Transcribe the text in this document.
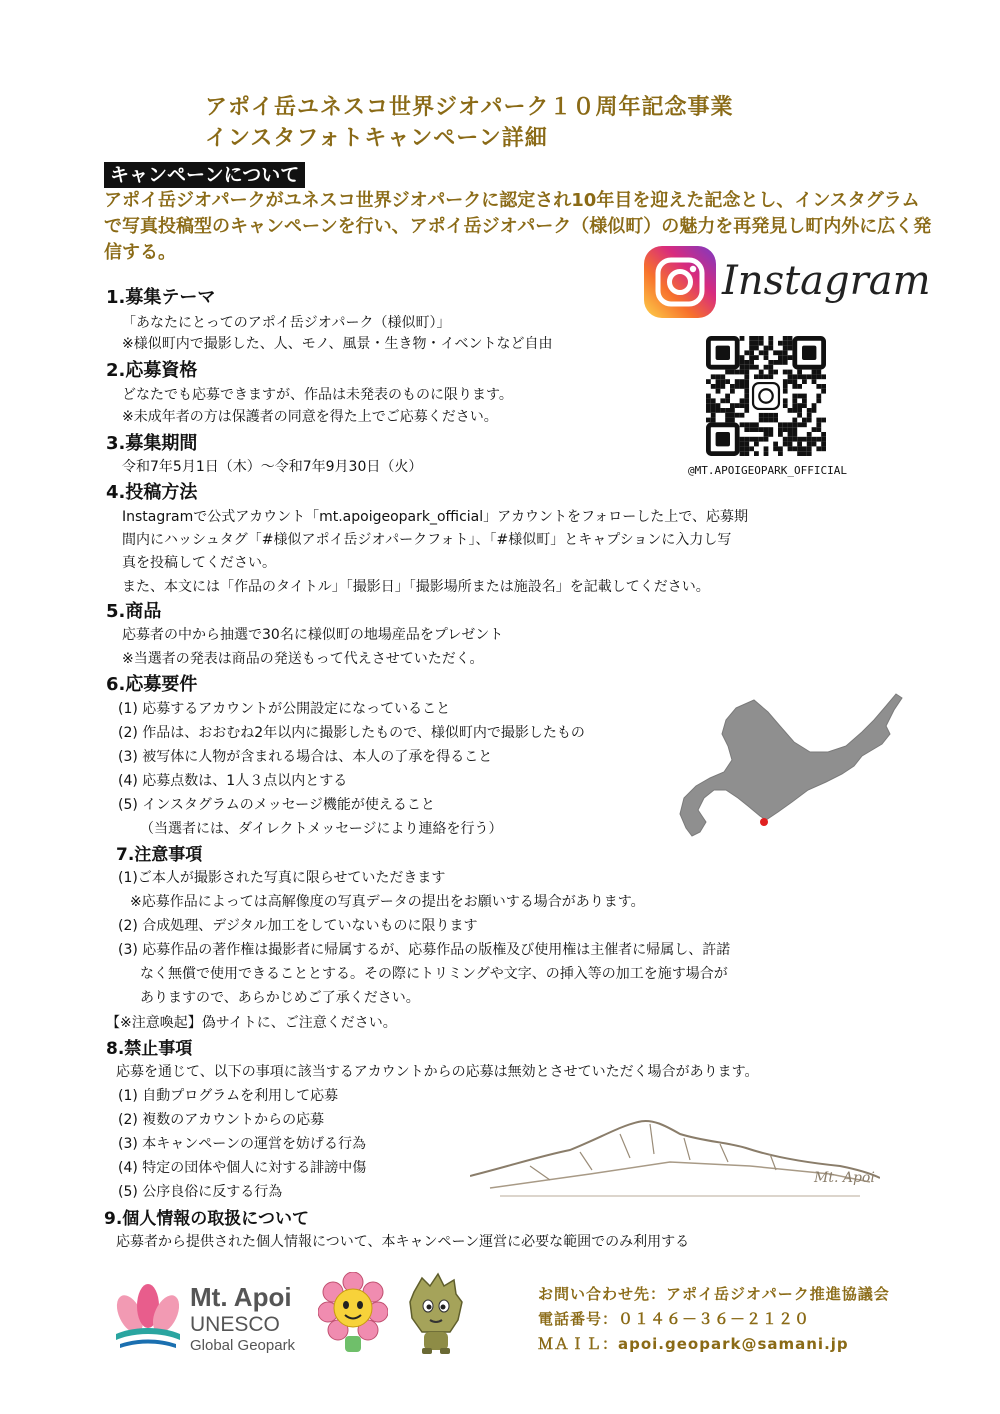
アポイ岳ユネスコ世界ジオパーク１０周年記念事業
インスタフォトキャンペーン詳細
キャンペーンについて
アポイ岳ジオパークがユネスコ世界ジオパークに認定され10年目を迎えた記念とし、インスタグラムで写真投稿型のキャンペーンを行い、アポイ岳ジオパーク（様似町）の魅力を再発見し町内外に広く発信する。
Instagram
@MT.APOIGEOPARK_OFFICIAL
Mt. Apoi
1.募集テーマ
「あなたにとってのアポイ岳ジオパーク（様似町）」
※様似町内で撮影した、人、モノ、風景・生き物・イベントなど自由
2.応募資格
どなたでも応募できますが、作品は未発表のものに限ります。
※未成年者の方は保護者の同意を得た上でご応募ください。
3.募集期間
令和7年5月1日（木）～令和7年9月30日（火）
4.投稿方法
Instagramで公式アカウント「mt.apoigeopark_official」アカウントをフォローした上で、応募期
間内にハッシュタグ「#様似アポイ岳ジオパークフォト」、「#様似町」とキャプションに入力し写
真を投稿してください。
また、本文には「作品のタイトル」「撮影日」「撮影場所または施設名」を記載してください。
5.商品
応募者の中から抽選で30名に様似町の地場産品をプレゼント
※当選者の発表は商品の発送もって代えさせていただく。
6.応募要件
(1) 応募するアカウントが公開設定になっていること
(2) 作品は、おおむね2年以内に撮影したもので、様似町内で撮影したもの
(3) 被写体に人物が含まれる場合は、本人の了承を得ること
(4) 応募点数は、1人３点以内とする
(5) インスタグラムのメッセージ機能が使えること
（当選者には、ダイレクトメッセージにより連絡を行う）
7.注意事項
(1)ご本人が撮影された写真に限らせていただきます
※応募作品によっては高解像度の写真データの提出をお願いする場合があります。
(2) 合成処理、デジタル加工をしていないものに限ります
(3) 応募作品の著作権は撮影者に帰属するが、応募作品の版権及び使用権は主催者に帰属し、許諾
なく無償で使用できることとする。その際にトリミングや文字、の挿入等の加工を施す場合が
ありますので、あらかじめご了承ください。
【※注意喚起】偽サイトに、ご注意ください。
8.禁止事項
応募を通じて、以下の事項に該当するアカウントからの応募は無効とさせていただく場合があります。
(1) 自動プログラムを利用して応募
(2) 複数のアカウントからの応募
(3) 本キャンペーンの運営を妨げる行為
(4) 特定の団体や個人に対する誹謗中傷
(5) 公序良俗に反する行為
9.個人情報の取扱について
応募者から提供された個人情報について、本キャンペーン運営に必要な範囲でのみ利用する
Mt. Apoi
UNESCO
Global Geopark
お問い合わせ先：アポイ岳ジオパーク推進協議会
電話番号：０１４６－３６－２１２０
ＭＡＩＬ：apoi.geopark@samani.jp
